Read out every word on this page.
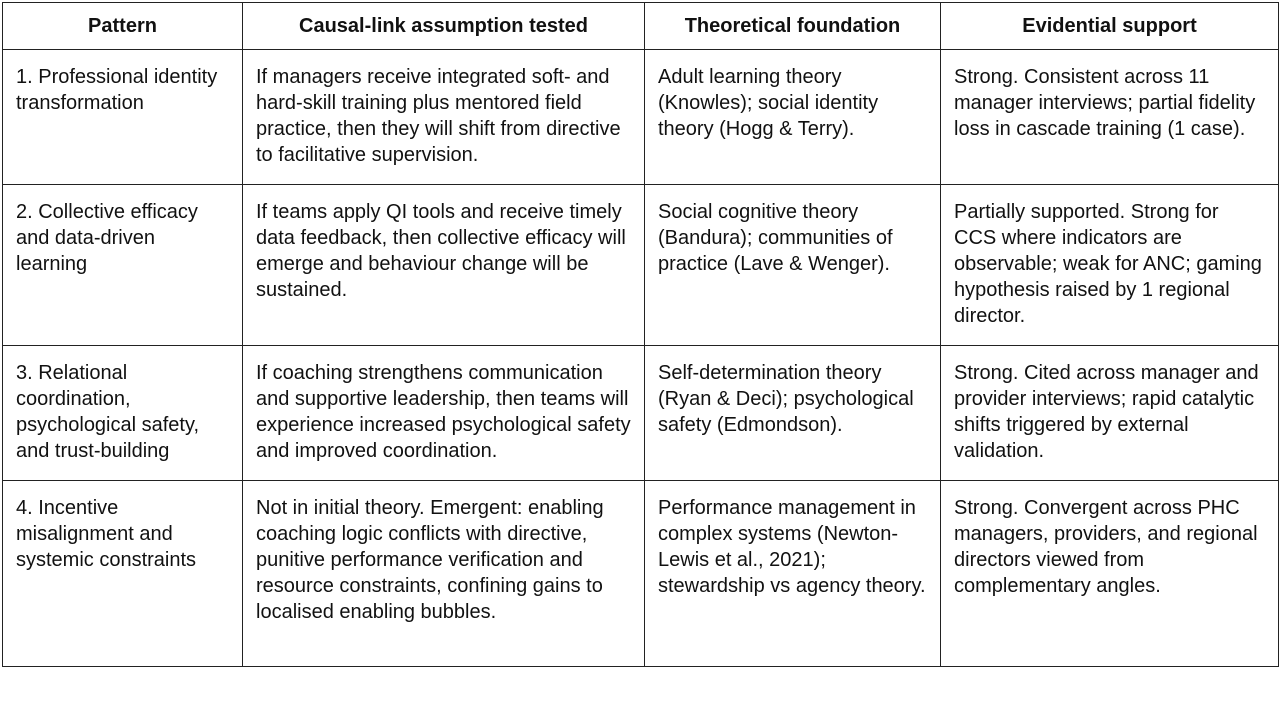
Pattern	Causal-link assumption tested	Theoretical foundation	Evidential support
1. Professional identity transformation	If managers receive integrated soft- and hard-skill training plus mentored field practice, then they will shift from directive to facilitative supervision.	Adult learning theory (Knowles); social identity theory (Hogg & Terry).	Strong. Consistent across 11 manager interviews; partial fidelity loss in cascade training (1 case).
2. Collective efficacy and data-driven learning	If teams apply QI tools and receive timely data feedback, then collective efficacy will emerge and behaviour change will be sustained.	Social cognitive theory (Bandura); communities of practice (Lave & Wenger).	Partially supported. Strong for CCS where indicators are observable; weak for ANC; gaming hypothesis raised by 1 regional director.
3. Relational coordination, psychological safety, and trust-building	If coaching strengthens communication and supportive leadership, then teams will experience increased psychological safety and improved coordination.	Self-determination theory (Ryan & Deci); psychological safety (Edmondson).	Strong. Cited across manager and provider interviews; rapid catalytic shifts triggered by external validation.
4. Incentive misalignment and systemic constraints	Not in initial theory. Emergent: enabling coaching logic conflicts with directive, punitive performance verification and resource constraints, confining gains to localised enabling bubbles.	Performance management in complex systems (Newton-Lewis et al., 2021); stewardship vs agency theory.	Strong. Convergent across PHC managers, providers, and regional directors viewed from complementary angles.
